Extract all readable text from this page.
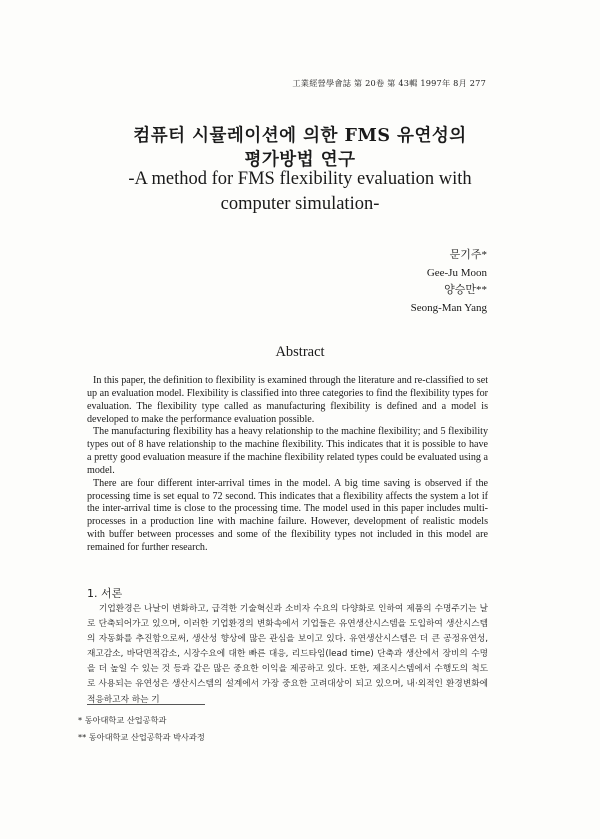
工業經營學會誌 第 20卷 第 43輯 1997年 8月 277
컴퓨터 시뮬레이션에 의한 FMS 유연성의 평가방법 연구
-A method for FMS flexibility evaluation with computer simulation-
문기주*
Gee-Ju Moon
양승만**
Seong-Man Yang
Abstract

In this paper, the definition to flexibility is examined through the literature and re-classified to set up an evaluation model. Flexibility is classified into three categories to find the flexibility types for evaluation. The flexibility type called as manufacturing flexibility is defined and a model is developed to make the performance evaluation possible.

The manufacturing flexibility has a heavy relationship to the machine flexibility; and 5 flexibility types out of 8 have relationship to the machine flexibility. This indicates that it is possible to have a pretty good evaluation measure if the machine flexibility related types could be evaluated using a model.

There are four different inter-arrival times in the model. A big time saving is observed if the processing time is set equal to 72 second. This indicates that a flexibility affects the system a lot if the inter-arrival time is close to the processing time. The model used in this paper includes multi-processes in a production line with machine failure. However, development of realistic models with buffer between processes and some of the flexibility types not included in this model are remained for further research.

1. 서론

기업환경은 나날이 변화하고, 급격한 기술혁신과 소비자 수요의 다양화로 인하여 제품의 수명주기는 날로 단축되어가고 있으며, 이러한 기업환경의 변화속에서 기업들은 유연생산시스템을 도입하여 생산시스템의 자동화를 추진함으로써, 생산성 향상에 많은 관심을 보이고 있다. 유연생산시스템은 더 큰 공정유연성, 재고감소, 바닥면적감소, 시장수요에 대한 빠른 대응, 리드타임(lead time) 단축과 생산에서 장비의 수명을 더 높일 수 있는 것 등과 같은 많은 중요한 이익을 제공하고 있다. 또한, 제조시스템에서 수행도의 척도로 사용되는 유연성은 생산시스템의 설계에서 가장 중요한 고려대상이 되고 있으며, 내·외적인 환경변화에 적응하고자 하는 기

* 동아대학교 산업공학과
** 동아대학교 산업공학과 박사과정
